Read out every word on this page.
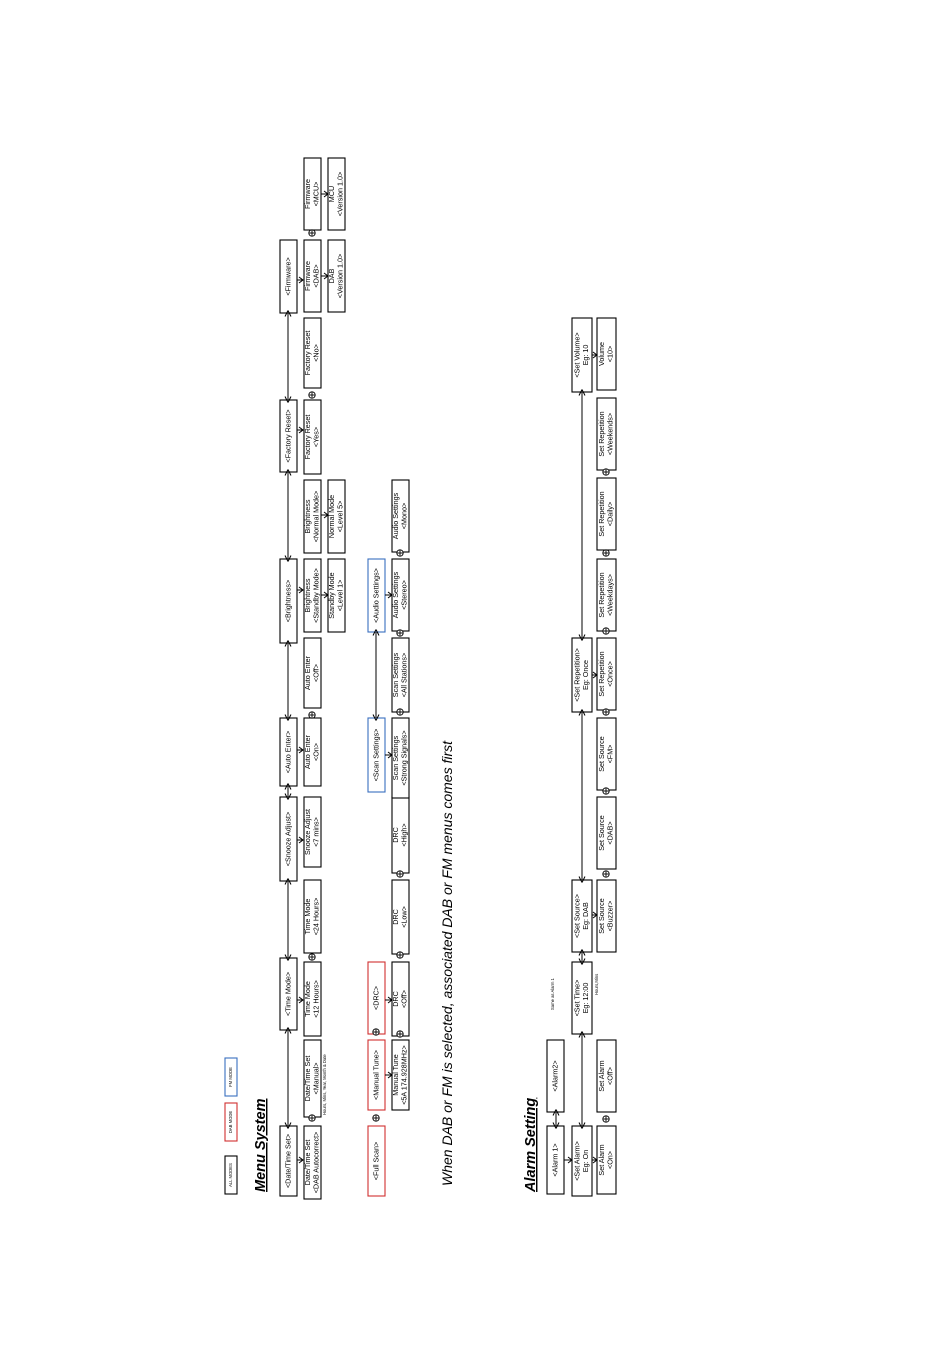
ALL MODES
DAB MODE
FM MODE
Menu System <Date/Time Set>
<Time Mode>
<Snooze Adjust>
<Auto Enter>
<Brightness>
<Factory Reset>
<Firmware>
Date/Time Set <DAB Autocorrect>
Date/Time Set <Manual>
Time Mode <12 Hours>
Time Mode <24 Hours>
Snooze Adjust <7 mins>
Auto Enter <On>
Auto Enter <Off>
Brightness <Standby Mode>
Brightness <Normal Mode>
Factory Reset <Yes>
Factory Reset <No>
Firmware <DAB>
Firmware <MCU>
Hours, Mins, Year, Month & Date
Standby Mode <Level 1>
Normal Mode <Level 5>
DAB <Version 1.0>
MCU <Version 1.0>
<Full Scan>
<Manual Tune>
<DRC>
<Scan Settings>
<Audio Settings>
Manual Tune <5A 174.928MHz>
DRC <Off>
DRC <Low>
DRC <High>
Scan Settings <Strong Signals>
Scan Settings <All Stations>
Audio Settings <Stereo>
Audio Settings <Mono>
When DAB or FM is selected, associated DAB or FM menus comes first	Alarm Setting <Alarm 1>
<Alarm2>
Same as Alarm 1
<Set Alarm> Eg: On
<Set Time> Eg: 12:00
<Set Source> Eg: DAB
<Set Repetition> Eg: Once
<Set Volume> Eg: 10
Hours,Mins
Set Alarm <On>
Set Alarm <Off>
Set Source <Buzzer>
Set Source <DAB>
Set Source <FM>
Set Repetition <Once>
Set Repetition <Weekdays>
Set Repetition <Daily>
Set Repetition <Weekends>
Volume <10>
